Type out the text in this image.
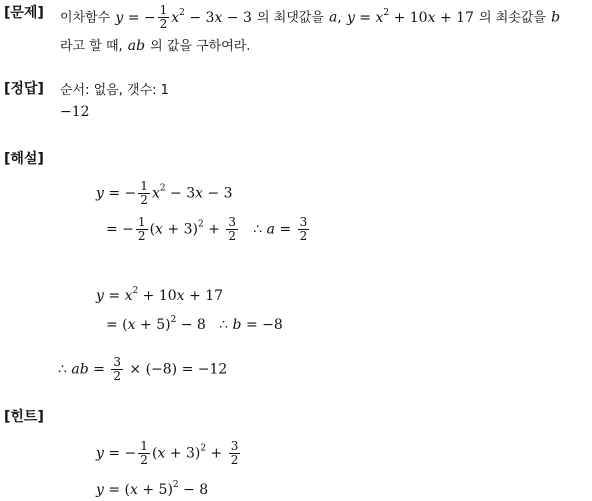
[문제] 이차함수 y = − $\frac{1}{2} x^2 - 3x - 3$ 의 최댓값을 a, $y = x^2 + 10x + 17$ 의 최솟값을 b
라고 할 때, ab 의 값을 구하여라.
[정답] 순서: 없음, 갯수: 1
−12
[해설]
y = − $\frac{1}{2} x^2 - 3x - 3$
= − $\frac{1}{2} (x + 3)^2 + \frac{3}{2}$ ∴ $a = \frac{3}{2}$
$y = x^2 + 10x + 17$
= $(x + 5)^2 - 8$   ∴ b = −8
∴ ab = $\frac{3}{2} \times (-8) = -12$
[힌트]
y = − $\frac{1}{2} (x + 3)^2 + \frac{3}{2}$
$y = (x + 5)^2 - 8$
